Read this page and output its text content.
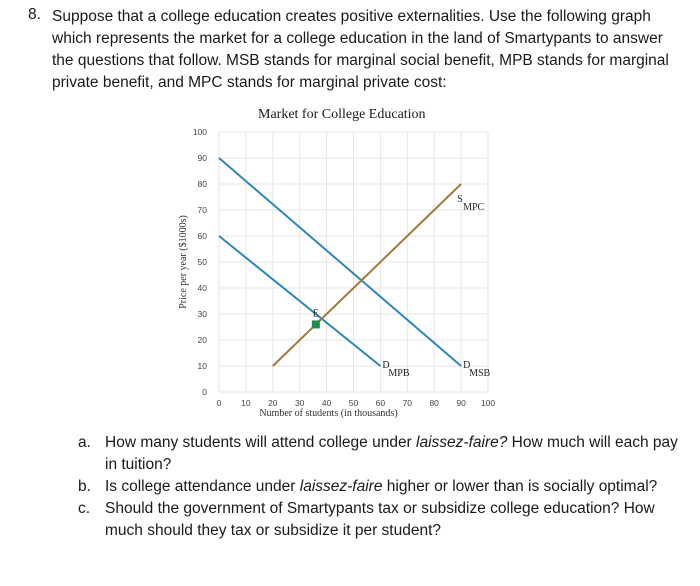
8. Suppose that a college education creates positive externalities. Use the following graph which represents the market for a college education in the land of Smartypants to answer the questions that follow. MSB stands for marginal social benefit, MPB stands for marginal private benefit, and MPC stands for marginal private cost:
Market for College Education
0
10
20
30
40
50
60
70
80
90
100
0 10 20 30 40 50 60 70 80 90 100
Price per year ($1000s)
Number of students (in thousands)
D
MPB
D
MSB
S
MPC
E
a. How many students will attend college under laissez-faire? How much will each pay in tuition?
b. Is college attendance under laissez-faire higher or lower than is socially optimal?
c. Should the government of Smartypants tax or subsidize college education? How much should they tax or subsidize it per student?
